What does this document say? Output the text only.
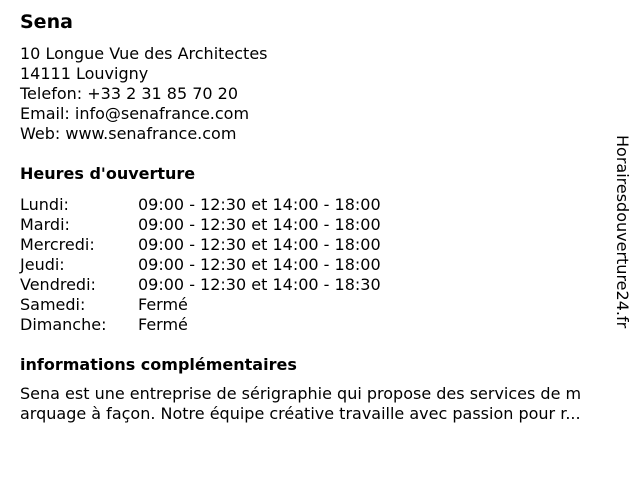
Sena
10 Longue Vue des Architectes
14111 Louvigny
Telefon: +33 2 31 85 70 20
Email: info@senafrance.com
Web: www.senafrance.com
Heures d'ouverture
Lundi:	09:00 - 12:30 et 14:00 - 18:00
Mardi:	09:00 - 12:30 et 14:00 - 18:00
Mercredi:	09:00 - 12:30 et 14:00 - 18:00
Jeudi:	09:00 - 12:30 et 14:00 - 18:00
Vendredi:	09:00 - 12:30 et 14:00 - 18:30
Samedi:	Fermé
Dimanche: Fermé
informations complémentaires
Sena est une entreprise de sérigraphie qui propose des services de m
arquage à façon. Notre équipe créative travaille avec passion pour r...
Horairesdouverture24.fr
